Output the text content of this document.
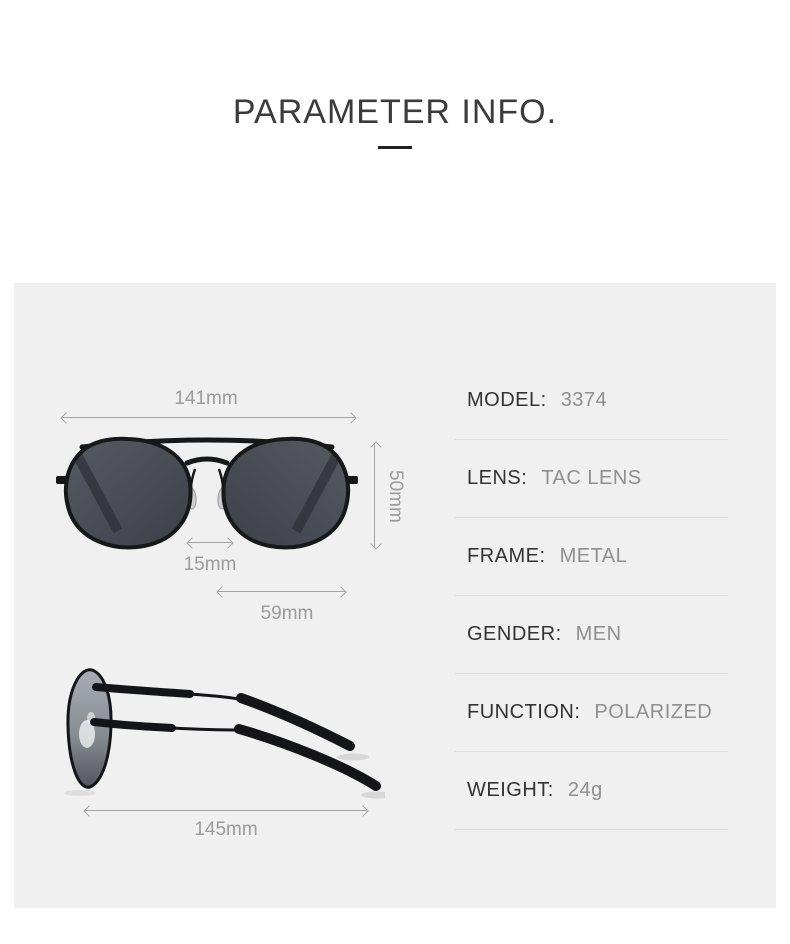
PARAMETER INFO.
141mm
50mm
15mm
59mm
145mm
MODEL: 3374
LENS: TAC LENS
FRAME: METAL
GENDER: MEN
FUNCTION: POLARIZED
WEIGHT: 24g
